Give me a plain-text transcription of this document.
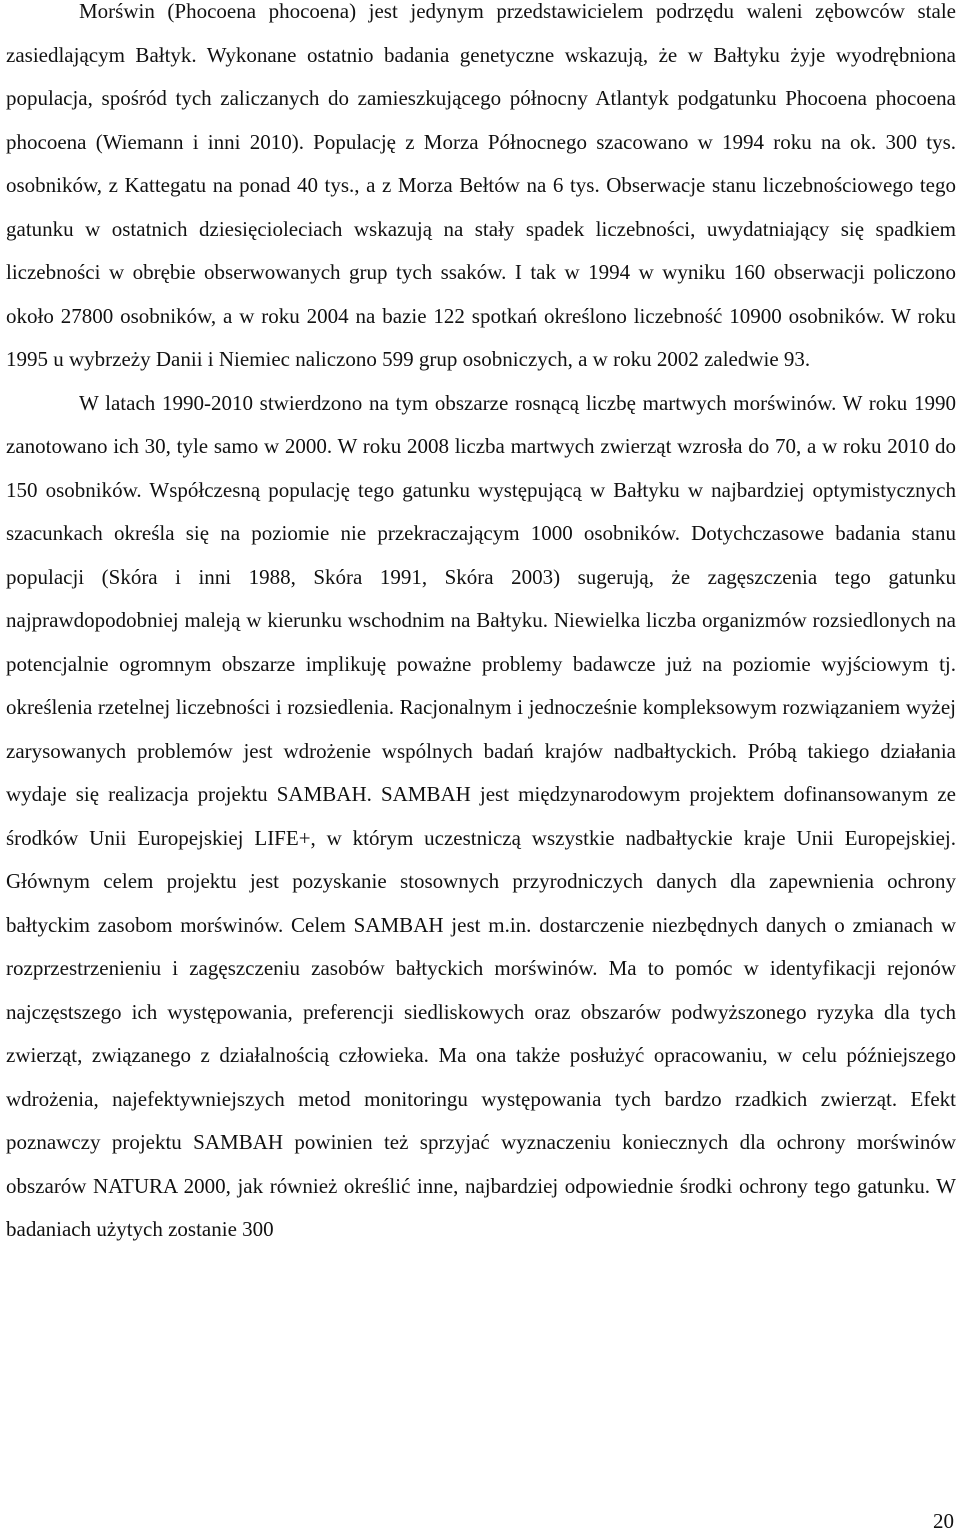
Morświn (Phocoena phocoena) jest jedynym przedstawicielem podrzędu waleni zębowców stale zasiedlającym Bałtyk. Wykonane ostatnio badania genetyczne wskazują, że w Bałtyku żyje wyodrębniona populacja, spośród tych zaliczanych do zamieszkującego północny Atlantyk podgatunku Phocoena phocoena phocoena (Wiemann i inni 2010). Populację z Morza Północnego szacowano w 1994 roku na ok. 300 tys. osobników, z Kattegatu na ponad 40 tys., a z Morza Bełtów na 6 tys. Obserwacje stanu liczebnościowego tego gatunku w ostatnich dziesięcioleciach wskazują na stały spadek liczebności, uwydatniający się spadkiem liczebności w obrębie obserwowanych grup tych ssaków. I tak w 1994 w wyniku 160 obserwacji policzono około 27800 osobników, a w roku 2004 na bazie 122 spotkań określono liczebność 10900 osobników. W roku 1995 u wybrzeży Danii i Niemiec naliczono 599 grup osobniczych, a w roku 2002 zaledwie 93.

W latach 1990-2010 stwierdzono na tym obszarze rosnącą liczbę martwych morświnów. W roku 1990 zanotowano ich 30, tyle samo w 2000. W roku 2008 liczba martwych zwierząt wzrosła do 70, a w roku 2010 do 150 osobników. Współczesną populację tego gatunku występującą w Bałtyku w najbardziej optymistycznych szacunkach określa się na poziomie nie przekraczającym 1000 osobników. Dotychczasowe badania stanu populacji (Skóra i inni 1988, Skóra 1991, Skóra 2003) sugerują, że zagęszczenia tego gatunku najprawdopodobniej maleją w kierunku wschodnim na Bałtyku. Niewielka liczba organizmów rozsiedlonych na potencjalnie ogromnym obszarze implikuję poważne problemy badawcze już na poziomie wyjściowym tj. określenia rzetelnej liczebności i rozsiedlenia. Racjonalnym i jednocześnie kompleksowym rozwiązaniem wyżej zarysowanych problemów jest wdrożenie wspólnych badań krajów nadbałtyckich. Próbą takiego działania wydaje się realizacja projektu SAMBAH. SAMBAH jest międzynarodowym projektem dofinansowanym ze środków Unii Europejskiej LIFE+, w którym uczestniczą wszystkie nadbałtyckie kraje Unii Europejskiej. Głównym celem projektu jest pozyskanie stosownych przyrodniczych danych dla zapewnienia ochrony bałtyckim zasobom morświnów. Celem SAMBAH jest m.in. dostarczenie niezbędnych danych o zmianach w rozprzestrzenieniu i zagęszczeniu zasobów bałtyckich morświnów. Ma to pomóc w identyfikacji rejonów najczęstszego ich występowania, preferencji siedliskowych oraz obszarów podwyższonego ryzyka dla tych zwierząt, związanego z działalnością człowieka. Ma ona także posłużyć opracowaniu, w celu późniejszego wdrożenia, najefektywniejszych metod monitoringu występowania tych bardzo rzadkich zwierząt. Efekt poznawczy projektu SAMBAH powinien też sprzyjać wyznaczeniu koniecznych dla ochrony morświnów obszarów NATURA 2000, jak również określić inne, najbardziej odpowiednie środki ochrony tego gatunku. W badaniach użytych zostanie 300

20
